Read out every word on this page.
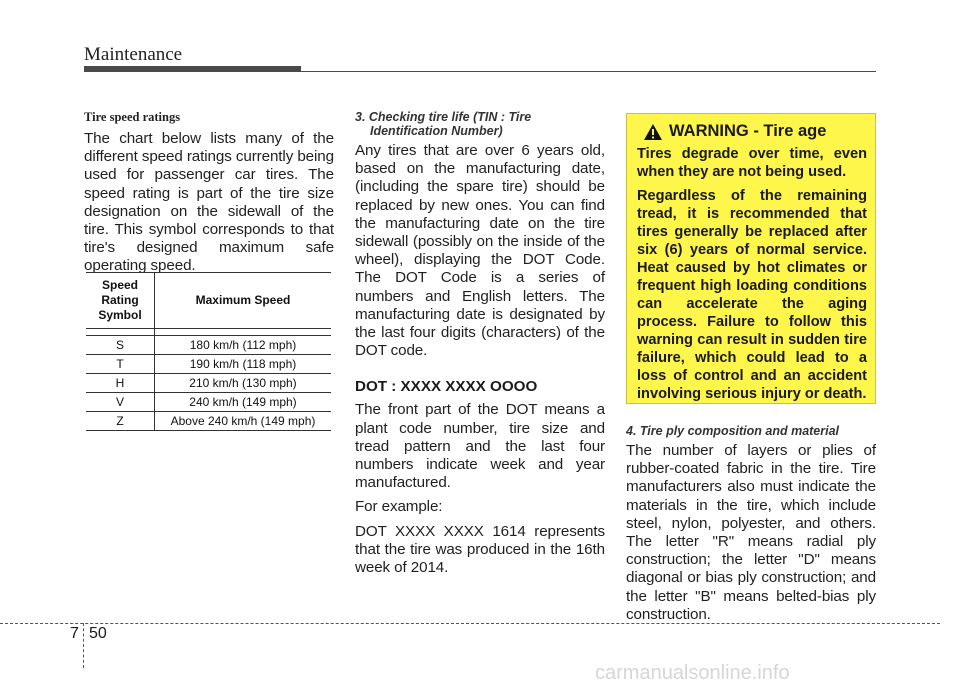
Maintenance
Tire speed ratings

The chart below lists many of the different speed ratings currently being used for passenger car tires. The speed rating is part of the tire size designation on the sidewall of the tire. This symbol corresponds to that tire's designed maximum safe operating speed.

Speed Rating Symbol	Maximum Speed

S	180 km/h (112 mph)
T	190 km/h (118 mph)
H	210 km/h (130 mph)
V	240 km/h (149 mph)
Z	Above 240 km/h (149 mph)
3. Checking tire life (TIN : Tire
Identification Number)

Any tires that are over 6 years old, based on the manufacturing date, (including the spare tire) should be replaced by new ones. You can find the manufacturing date on the tire sidewall (possibly on the inside of the wheel), displaying the DOT Code. The DOT Code is a series of numbers and English letters. The manufacturing date is designated by the last four digits (characters) of the DOT code.

DOT : XXXX XXXX OOOO

The front part of the DOT means a plant code number, tire size and tread pattern and the last four numbers indicate week and year manufactured.

For example:

DOT XXXX XXXX 1614 represents that the tire was produced in the 16th week of 2014.

WARNING - Tire age

Tires degrade over time, even when they are not being used.

Regardless of the remaining tread, it is recommended that tires generally be replaced after six (6) years of normal service. Heat caused by hot climates or frequent high loading conditions can accelerate the aging process. Failure to follow this warning can result in sudden tire failure, which could lead to a loss of control and an accident involving serious injury or death.

4. Tire ply composition and material

The number of layers or plies of rubber-coated fabric in the tire. Tire manufacturers also must indicate the materials in the tire, which include steel, nylon, polyester, and others. The letter "R" means radial ply construction; the letter "D" means diagonal or bias ply construction; and the letter "B" means belted-bias ply construction.

7 50
carmanualsonline.info
